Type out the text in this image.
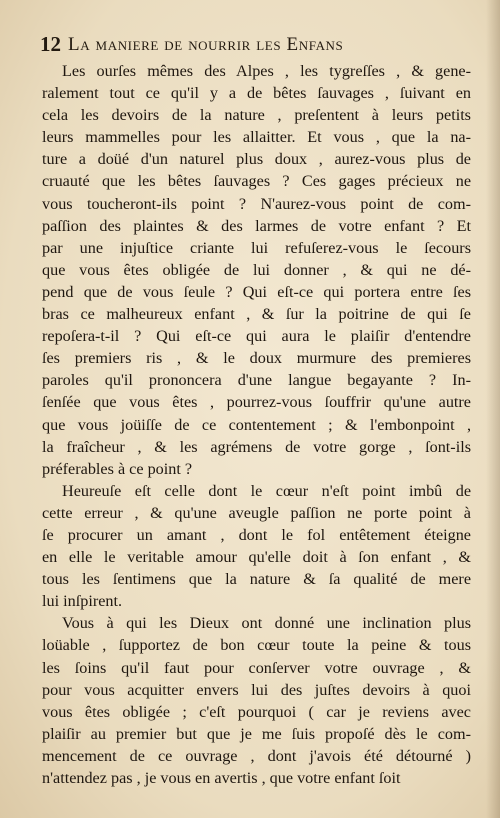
12 La maniere de nourrir les Enfans
Les ourſes mêmes des Alpes , les tygreſſes , & gene-
ralement tout ce qu'il y a de bêtes ſauvages , ſuivant en
cela les devoirs de la nature , preſentent à leurs petits
leurs mammelles pour les allaitter. Et vous , que la na-
ture a doüé d'un naturel plus doux , aurez-vous plus de
cruauté que les bêtes ſauvages ? Ces gages précieux ne
vous toucheront-ils point ? N'aurez-vous point de com-
paſſion des plaintes & des larmes de votre enfant ? Et
par une injuſtice criante lui refuſerez-vous le ſecours
que vous êtes obligée de lui donner , & qui ne dé-
pend que de vous ſeule ? Qui eſt-ce qui portera entre ſes
bras ce malheureux enfant , & ſur la poitrine de qui ſe
repoſera-t-il ? Qui eſt-ce qui aura le plaiſir d'entendre
ſes premiers ris , & le doux murmure des premieres
paroles qu'il prononcera d'une langue begayante ? In-
ſenſée que vous êtes , pourrez-vous ſouffrir qu'une autre
que vous joüiſſe de ce contentement ; & l'embonpoint ,
la fraîcheur , & les agrémens de votre gorge , ſont-ils
préferables à ce point ?
Heureuſe eſt celle dont le cœur n'eſt point imbû de
cette erreur , & qu'une aveugle paſſion ne porte point à
ſe procurer un amant , dont le fol entêtement éteigne
en elle le veritable amour qu'elle doit à ſon enfant , &
tous les ſentimens que la nature & ſa qualité de mere
lui inſpirent.
Vous à qui les Dieux ont donné une inclination plus
loüable , ſupportez de bon cœur toute la peine & tous
les ſoins qu'il faut pour conſerver votre ouvrage , &
pour vous acquitter envers lui des juſtes devoirs à quoi
vous êtes obligée ; c'eſt pourquoi ( car je reviens avec
plaiſir au premier but que je me ſuis propoſé dès le com-
mencement de ce ouvrage , dont j'avois été détourné )
n'attendez pas , je vous en avertis , que votre enfant ſoit
